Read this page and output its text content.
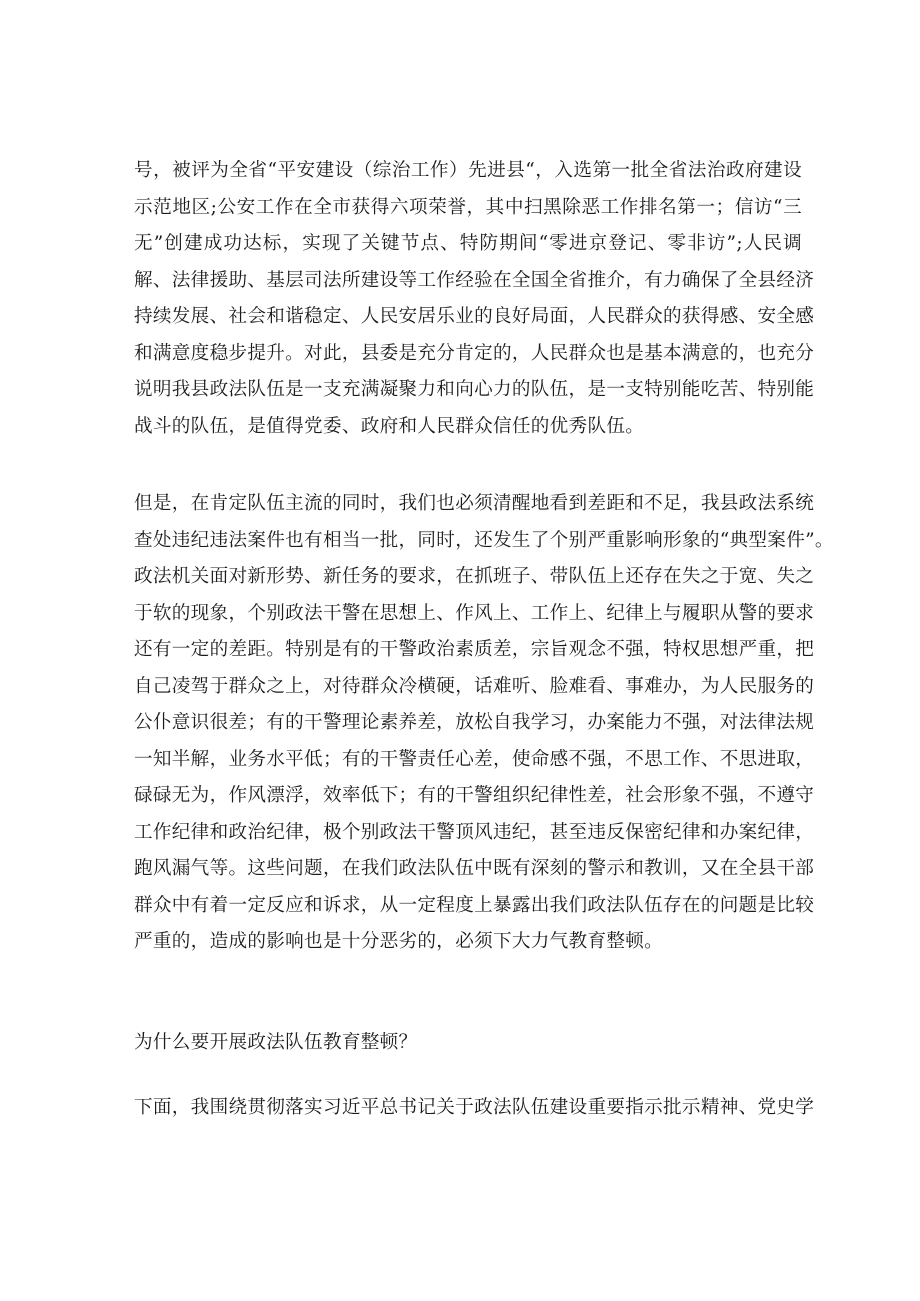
号，被评为全省“平安建设（综治工作）先进县“，入选第一批全省法治政府建设
示范地区;公安工作在全市获得六项荣誉，其中扫黑除恶工作排名第一；信访“三
无”创建成功达标，实现了关键节点、特防期间“零进京登记、零非访”;人民调
解、法律援助、基层司法所建设等工作经验在全国全省推介，有力确保了全县经济
持续发展、社会和谐稳定、人民安居乐业的良好局面，人民群众的获得感、安全感
和满意度稳步提升。对此，县委是充分肯定的，人民群众也是基本满意的，也充分
说明我县政法队伍是一支充满凝聚力和向心力的队伍，是一支特别能吃苦、特别能
战斗的队伍，是值得党委、政府和人民群众信任的优秀队伍。

但是，在肯定队伍主流的同时，我们也必须清醒地看到差距和不足，我县政法系统
查处违纪违法案件也有相当一批，同时，还发生了个别严重影响形象的“典型案件”。
政法机关面对新形势、新任务的要求，在抓班子、带队伍上还存在失之于宽、失之
于软的现象，个别政法干警在思想上、作风上、工作上、纪律上与履职从警的要求
还有一定的差距。特别是有的干警政治素质差，宗旨观念不强，特权思想严重，把
自己凌驾于群众之上，对待群众冷横硬，话难听、脸难看、事难办，为人民服务的
公仆意识很差；有的干警理论素养差，放松自我学习，办案能力不强，对法律法规
一知半解，业务水平低；有的干警责任心差，使命感不强，不思工作、不思进取，
碌碌无为，作风漂浮，效率低下；有的干警组织纪律性差，社会形象不强，不遵守
工作纪律和政治纪律，极个别政法干警顶风违纪，甚至违反保密纪律和办案纪律，
跑风漏气等。这些问题，在我们政法队伍中既有深刻的警示和教训，又在全县干部
群众中有着一定反应和诉求，从一定程度上暴露出我们政法队伍存在的问题是比较
严重的，造成的影响也是十分恶劣的，必须下大力气教育整顿。

为什么要开展政法队伍教育整顿？

下面，我围绕贯彻落实习近平总书记关于政法队伍建设重要指示批示精神、党史学
